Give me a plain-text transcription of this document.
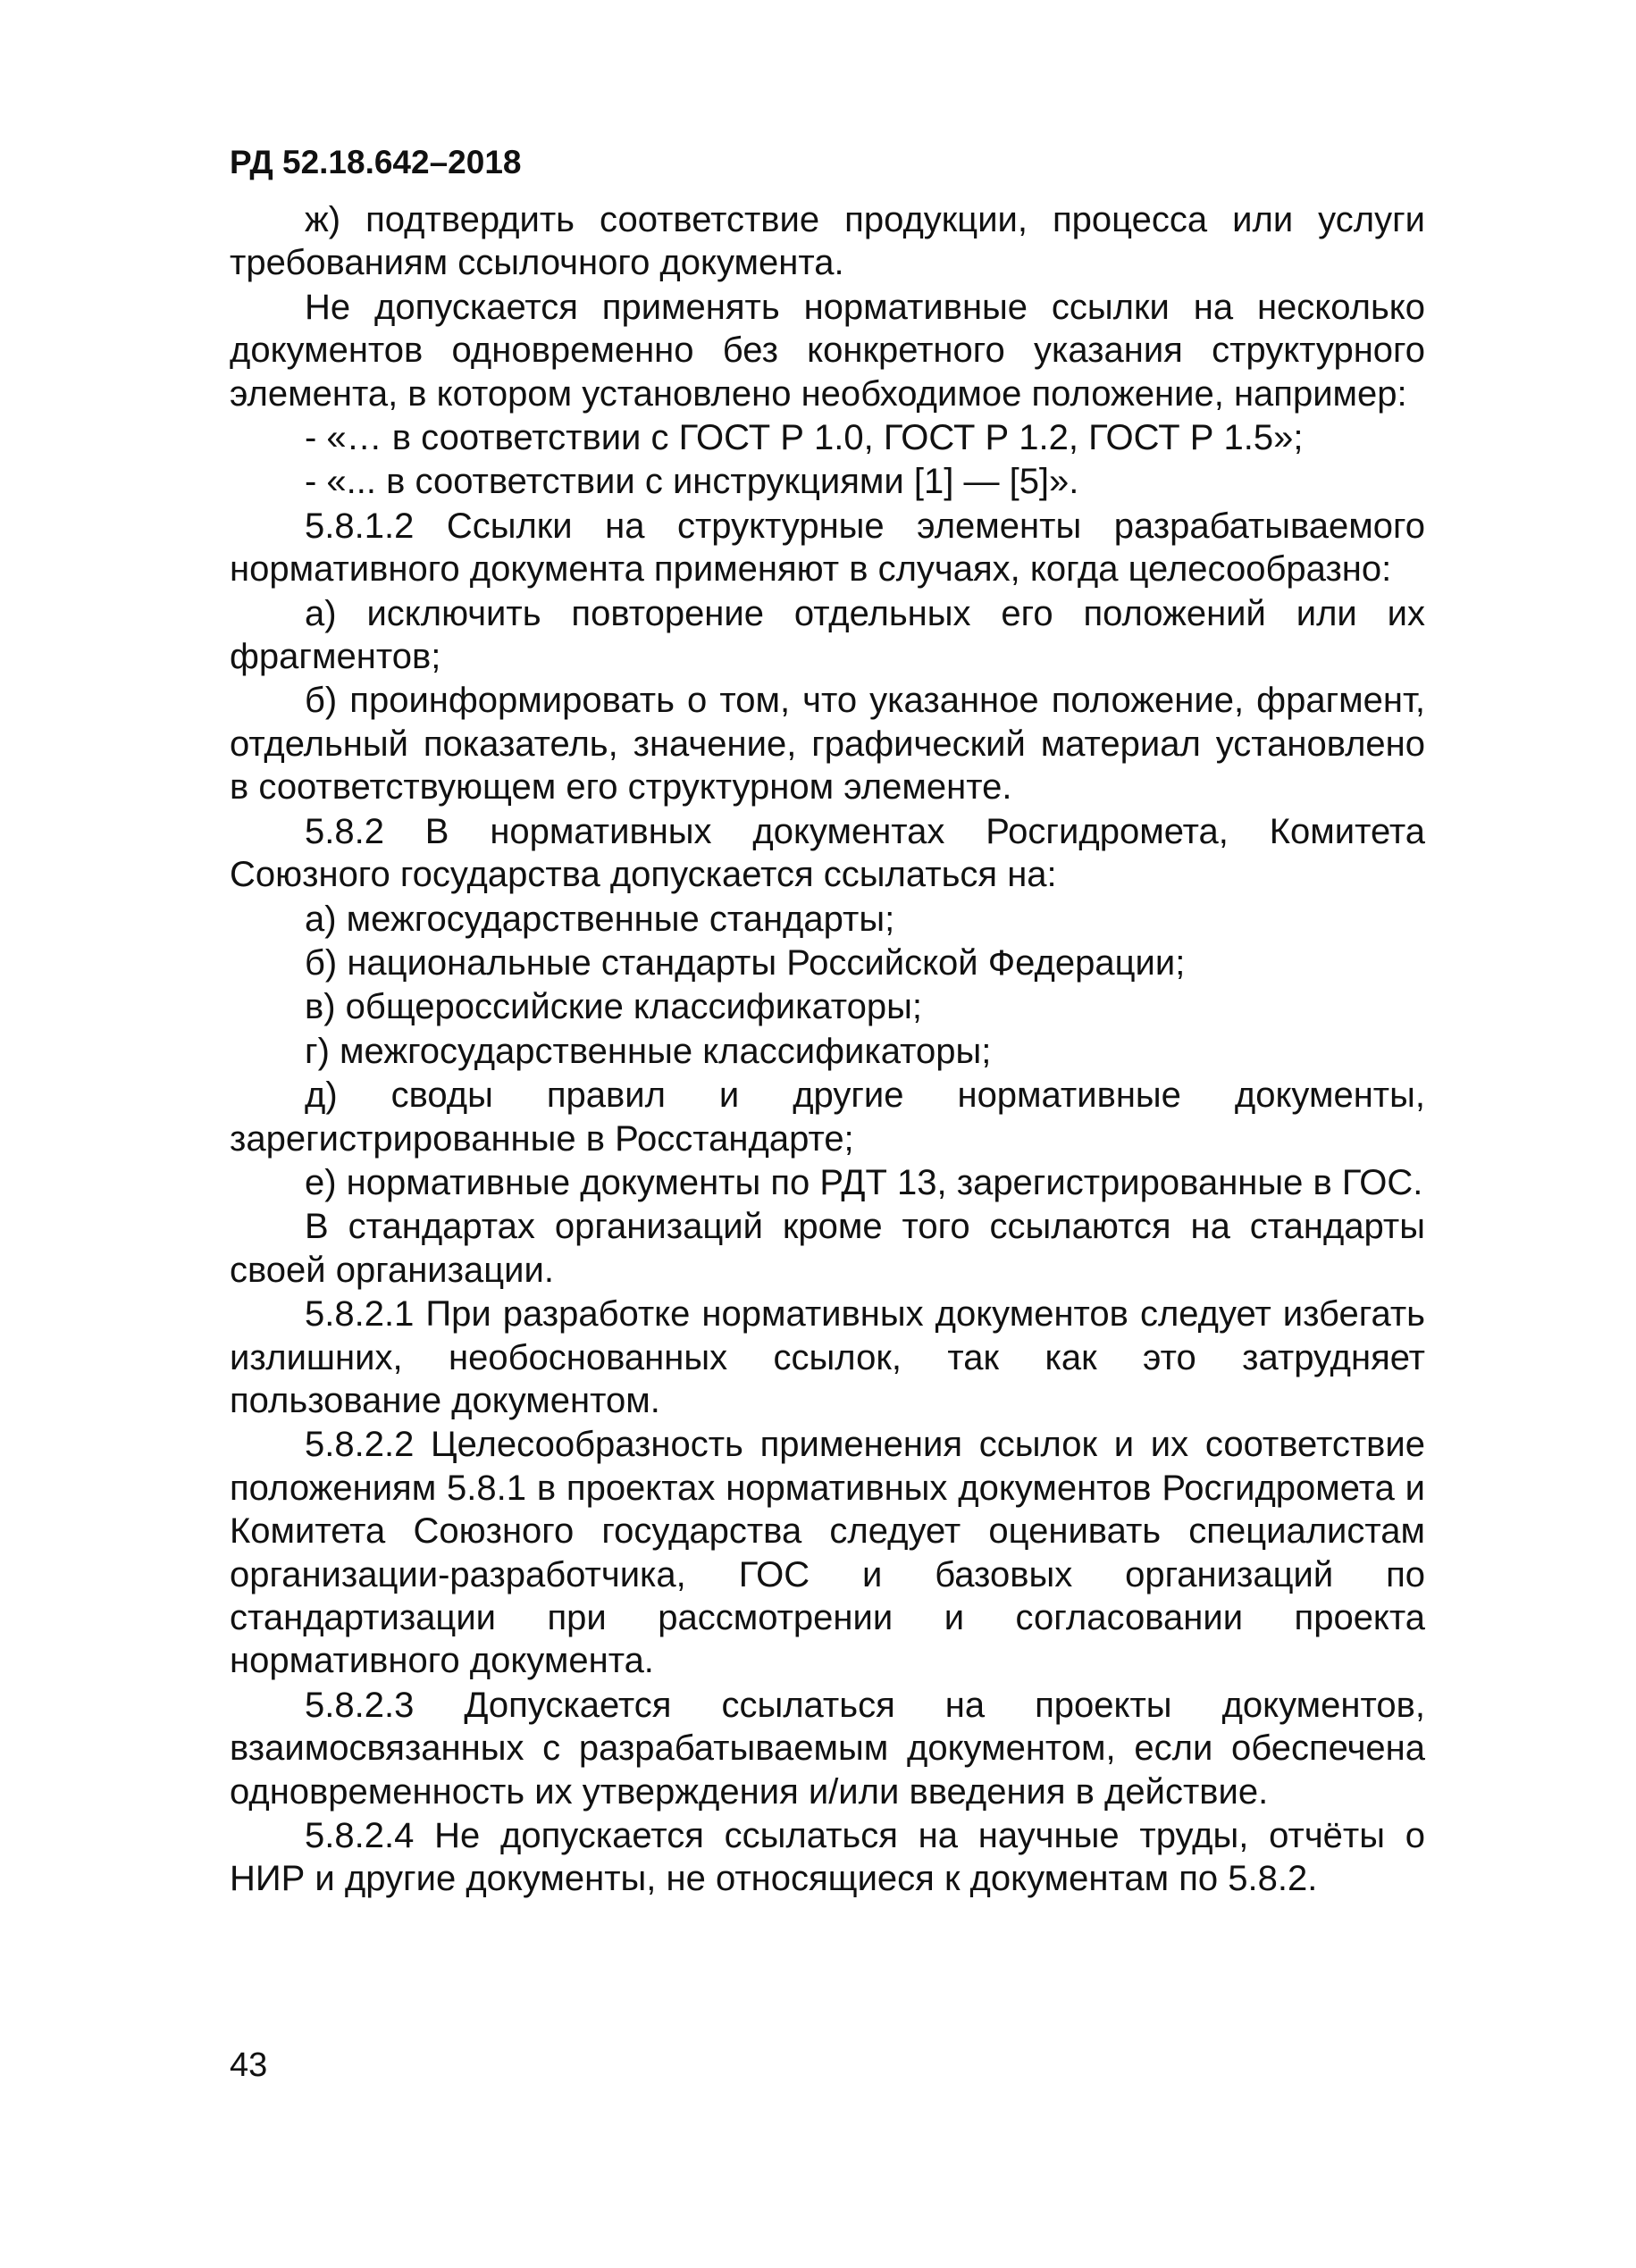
РД 52.18.642–2018

ж) подтвердить соответствие продукции, процесса или услуги требованиям ссылочного документа.

Не допускается применять нормативные ссылки на несколько документов одновременно без конкретного указания структурного элемента, в котором установлено необходимое положение, например:

- «… в соответствии с ГОСТ Р 1.0, ГОСТ Р 1.2, ГОСТ Р 1.5»;

- «... в соответствии с инструкциями [1] — [5]».

5.8.1.2 Ссылки на структурные элементы разрабатываемого нормативного документа применяют в случаях, когда целесообразно:

а) исключить повторение отдельных его положений или их фрагментов;

б) проинформировать о том, что указанное положение, фрагмент, отдельный показатель, значение, графический материал установлено в соответствующем его структурном элементе.

5.8.2 В нормативных документах Росгидромета, Комитета Союзного государства допускается ссылаться на:

а) межгосударственные стандарты;

б) национальные стандарты Российской Федерации;

в) общероссийские классификаторы;

г) межгосударственные классификаторы;

д) своды правил и другие нормативные документы, зарегистрированные в Росстандарте;

е) нормативные документы по РДТ 13, зарегистрированные в ГОС.

В стандартах организаций кроме того ссылаются на стандарты своей организации.

5.8.2.1 При разработке нормативных документов следует избегать излишних, необоснованных ссылок, так как это затрудняет пользование документом.

5.8.2.2 Целесообразность применения ссылок и их соответствие положениям 5.8.1 в проектах нормативных документов Росгидромета и Комитета Союзного государства следует оценивать специалистам организации-разработчика, ГОС и базовых организаций по стандартизации при рассмотрении и согласовании проекта нормативного документа.

5.8.2.3 Допускается ссылаться на проекты документов, взаимосвязанных с разрабатываемым документом, если обеспечена одновременность их утверждения и/или введения в действие.

5.8.2.4 Не допускается ссылаться на научные труды, отчёты о НИР и другие документы, не относящиеся к документам по 5.8.2.

43
